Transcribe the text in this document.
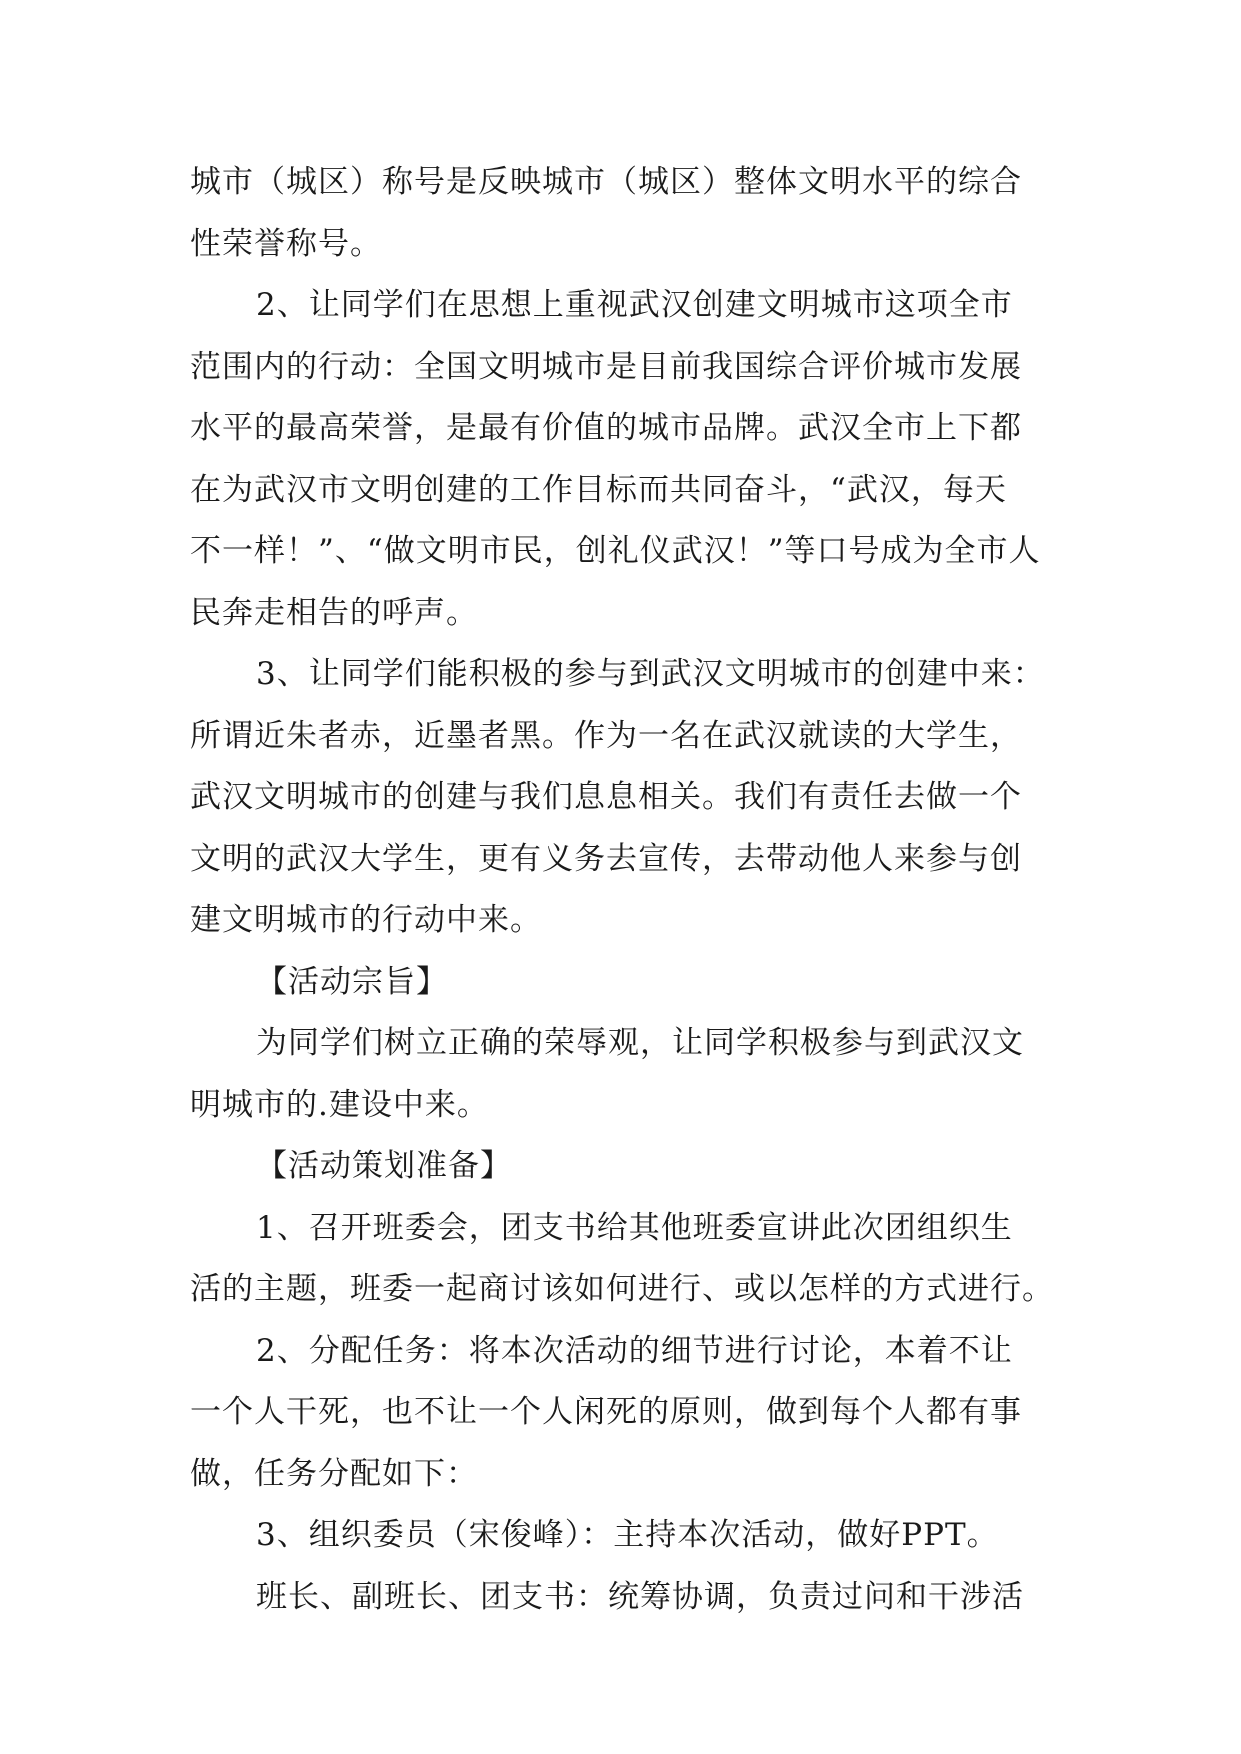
城市（城区）称号是反映城市（城区）整体文明水平的综合
性荣誉称号。
2、让同学们在思想上重视武汉创建文明城市这项全市
范围内的行动：全国文明城市是目前我国综合评价城市发展
水平的最高荣誉，是最有价值的城市品牌。武汉全市上下都
在为武汉市文明创建的工作目标而共同奋斗，“武汉，每天
不一样！”、“做文明市民，创礼仪武汉！”等口号成为全市人
民奔走相告的呼声。
3、让同学们能积极的参与到武汉文明城市的创建中来：
所谓近朱者赤，近墨者黑。作为一名在武汉就读的大学生，
武汉文明城市的创建与我们息息相关。我们有责任去做一个
文明的武汉大学生，更有义务去宣传，去带动他人来参与创
建文明城市的行动中来。
【活动宗旨】
为同学们树立正确的荣辱观，让同学积极参与到武汉文
明城市的.建设中来。
【活动策划准备】
1、召开班委会，团支书给其他班委宣讲此次团组织生
活的主题，班委一起商讨该如何进行、或以怎样的方式进行。
2、分配任务：将本次活动的细节进行讨论，本着不让
一个人干死，也不让一个人闲死的原则，做到每个人都有事
做，任务分配如下：
3、组织委员（宋俊峰）：主持本次活动，做好PPT。
班长、副班长、团支书：统筹协调，负责过问和干涉活
